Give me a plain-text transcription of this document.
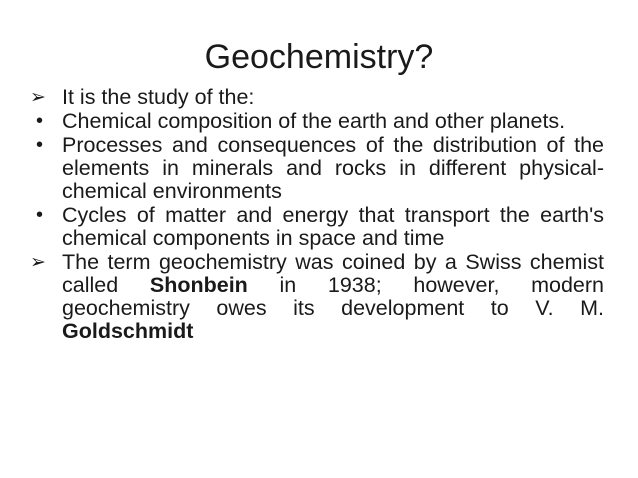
Geochemistry?
➢ It is the study of the:
• Chemical composition of the earth and other planets.
• Processes and consequences of the distribution of the elements in minerals and rocks in different physical-chemical environments
• Cycles of matter and energy that transport the earth's chemical components in space and time
➢ The term geochemistry was coined by a Swiss chemist called Shonbein in 1938; however, modern geochemistry owes its development to V. M. Goldschmidt
